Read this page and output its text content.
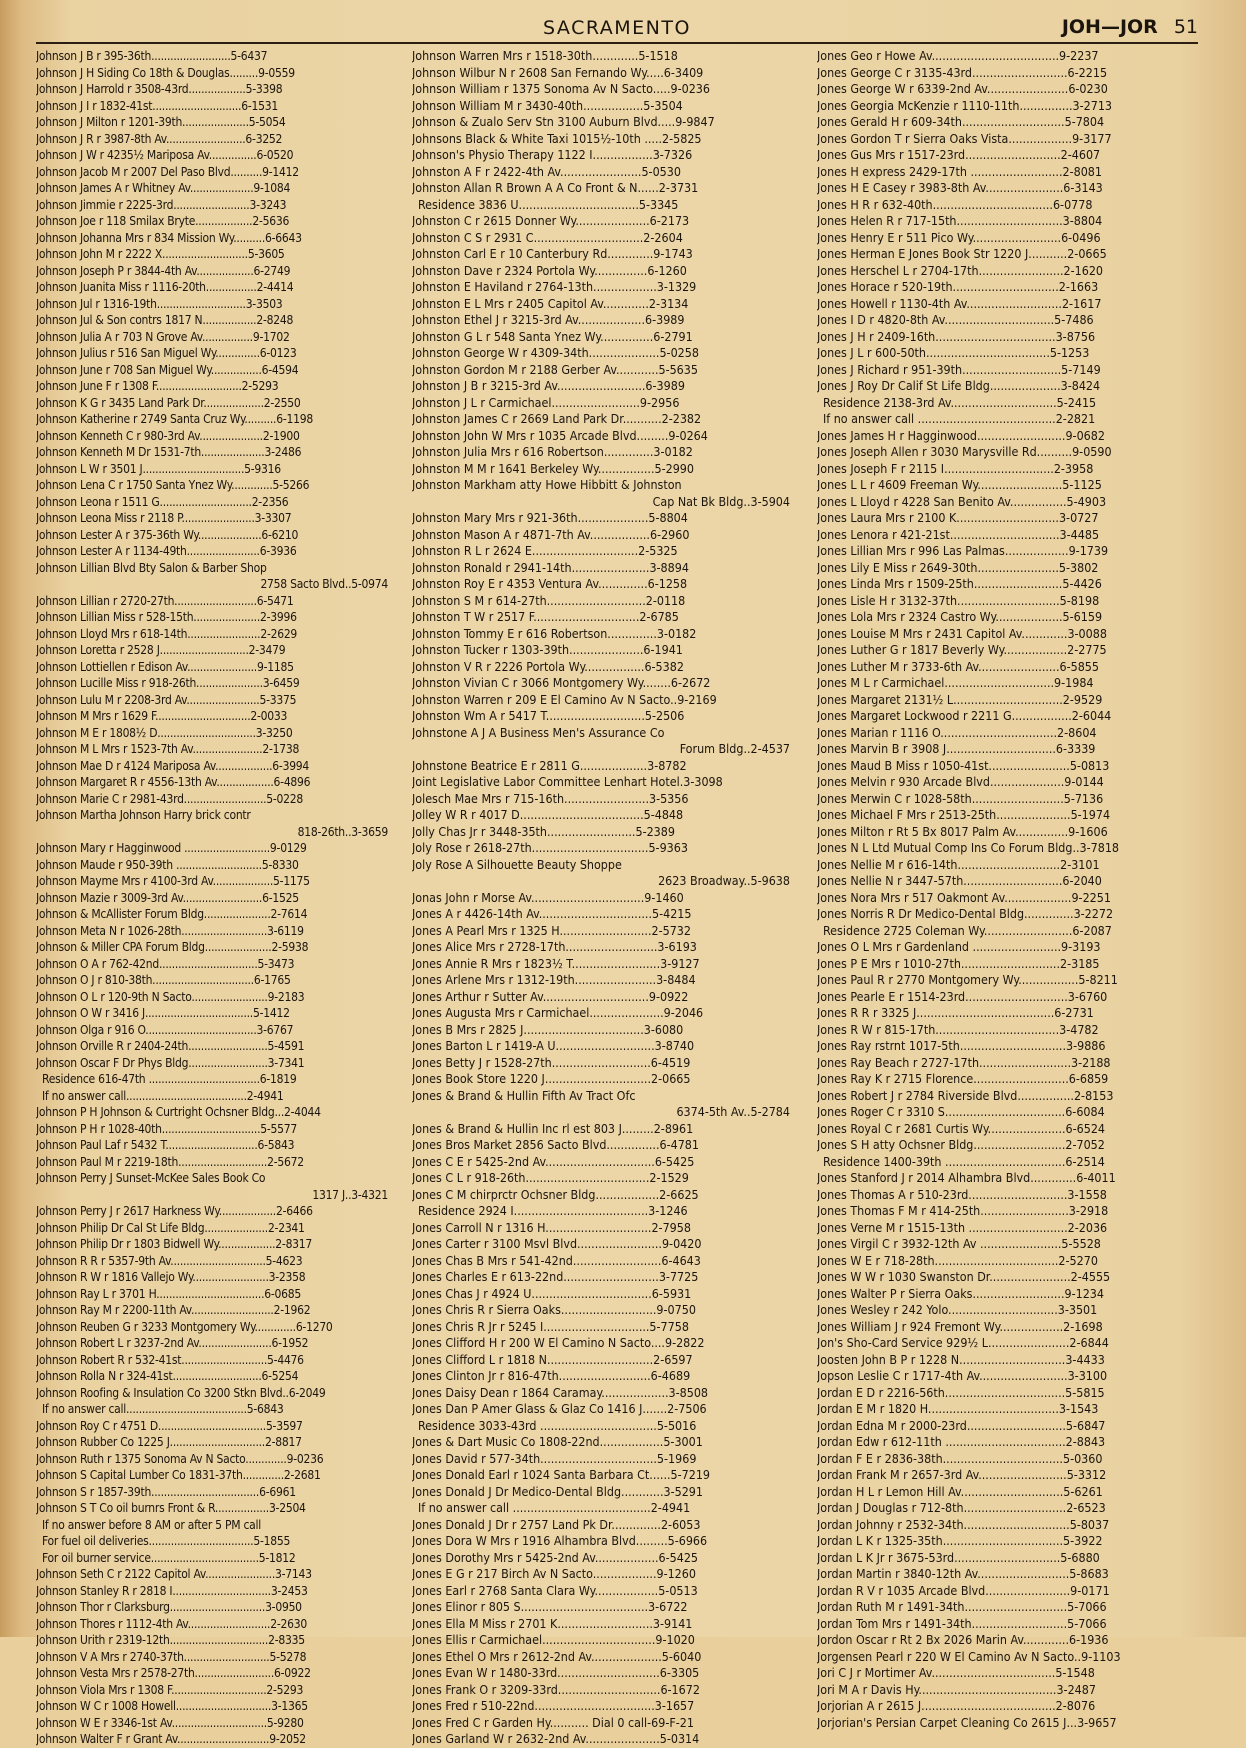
SACRAMENTO	JOH—JOR 51
Johnson J B r 395-36th.........................5-6437
Johnson J H Siding Co 18th & Douglas.........9-0559
Johnson J Harrold r 3508-43rd..................5-3398
Johnson J I r 1832-41st............................6-1531
Johnson J Milton r 1201-39th.....................5-5054
Johnson J R r 3987-8th Av.........................6-3252
Johnson J W r 4235½ Mariposa Av...............6-0520
Johnson Jacob M r 2007 Del Paso Blvd..........9-1412
Johnson James A r Whitney Av....................9-1084
Johnson Jimmie r 2225-3rd........................3-3243
Johnson Joe r 118 Smilax Bryte..................2-5636
Johnson Johanna Mrs r 834 Mission Wy..........6-6643
Johnson John M r 2222 X...........................5-3605
Johnson Joseph P r 3844-4th Av..................6-2749
Johnson Juanita Miss r 1116-20th................2-4414
Johnson Jul r 1316-19th............................3-3503
Johnson Jul & Son contrs 1817 N.................2-8248
Johnson Julia A r 703 N Grove Av................9-1702
Johnson Julius r 516 San Miguel Wy..............6-0123
Johnson June r 708 San Miguel Wy................6-4594
Johnson June F r 1308 F...........................2-5293
Johnson K G r 3435 Land Park Dr...................2-2550
Johnson Katherine r 2749 Santa Cruz Wy..........6-1198
Johnson Kenneth C r 980-3rd Av....................2-1900
Johnson Kenneth M Dr 1531-7th....................3-2486
Johnson L W r 3501 J................................5-9316
Johnson Lena C r 1750 Santa Ynez Wy.............5-5266
Johnson Leona r 1511 G.............................2-2356
Johnson Leona Miss r 2118 P.......................3-3307
Johnson Lester A r 375-36th Wy....................6-6210
Johnson Lester A r 1134-49th.......................6-3936
Johnson Lillian Blvd Bty Salon & Barber Shop
2758 Sacto Blvd..5-0974
Johnson Lillian r 2720-27th..........................6-5471
Johnson Lillian Miss r 528-15th.....................2-3996
Johnson Lloyd Mrs r 618-14th.......................2-2629
Johnson Loretta r 2528 J............................2-3479
Johnson Lottiellen r Edison Av......................9-1185
Johnson Lucille Miss r 918-26th.....................3-6459
Johnson Lulu M r 2208-3rd Av.......................5-3375
Johnson M Mrs r 1629 F..............................2-0033
Johnson M E r 1808½ D...............................3-3250
Johnson M L Mrs r 1523-7th Av......................2-1738
Johnson Mae D r 4124 Mariposa Av..................6-3994
Johnson Margaret R r 4556-13th Av..................6-4896
Johnson Marie C r 2981-43rd..........................5-0228
Johnson Martha Johnson Harry brick contr
818-26th..3-3659
Johnson Mary r Hagginwood ...........................9-0129
Johnson Maude r 950-39th ...........................5-8330
Johnson Mayme Mrs r 4100-3rd Av...................5-1175
Johnson Mazie r 3009-3rd Av.........................6-1525
Johnson & McAllister Forum Bldg.....................2-7614
Johnson Meta N r 1026-28th...........................3-6119
Johnson & Miller CPA Forum Bldg.....................2-5938
Johnson O A r 762-42nd...............................5-3473
Johnson O J r 810-38th................................6-1765
Johnson O L r 120-9th N Sacto........................9-2183
Johnson O W r 3416 J..................................5-1412
Johnson Olga r 916 O...................................3-6767
Johnson Orville R r 2404-24th.........................5-4591
Johnson Oscar F Dr Phys Bldg.........................3-7341
Residence 616-47th ...................................6-1819
If no answer call......................................2-4941
Johnson P H Johnson & Curtright Ochsner Bldg...2-4044
Johnson P H r 1028-40th...............................5-5577
Johnson Paul Laf r 5432 T.............................6-5843
Johnson Paul M r 2219-18th............................2-5672
Johnson Perry J Sunset-McKee Sales Book Co
1317 J..3-4321
Johnson Perry J r 2617 Harkness Wy..................2-6466
Johnson Philip Dr Cal St Life Bldg....................2-2341
Johnson Philip Dr r 1803 Bidwell Wy..................2-8317
Johnson R R r 5357-9th Av..............................5-4623
Johnson R W r 1816 Vallejo Wy........................3-2358
Johnson Ray L r 3701 H..................................6-0685
Johnson Ray M r 2200-11th Av..........................2-1962
Johnson Reuben G r 3233 Montgomery Wy.............6-1270
Johnson Robert L r 3237-2nd Av.......................6-1952
Johnson Robert R r 532-41st...........................5-4476
Johnson Rolla N r 324-41st............................6-5254
Johnson Roofing & Insulation Co 3200 Stkn Blvd..6-2049
If no answer call......................................5-6843
Johnson Roy C r 4751 D..................................5-3597
Johnson Rubber Co 1225 J..............................2-8817
Johnson Ruth r 1375 Sonoma Av N Sacto.............9-0236
Johnson S Capital Lumber Co 1831-37th.............2-2681
Johnson S r 1857-39th..................................6-6961
Johnson S T Co oil burnrs Front & R.................3-2504
If no answer before 8 AM or after 5 PM call
For fuel oil deliveries.................................5-1855
For oil burner service..................................5-1812
Johnson Seth C r 2122 Capitol Av......................3-7143
Johnson Stanley R r 2818 I...............................3-2453
Johnson Thor r Clarksburg..............................3-0950
Johnson Thores r 1112-4th Av..........................2-2630
Johnson Urith r 2319-12th...............................2-8335
Johnson V A Mrs r 2740-37th...........................5-5278
Johnson Vesta Mrs r 2578-27th.........................6-0922
Johnson Viola Mrs r 1308 F..............................2-5293
Johnson W C r 1008 Howell..............................3-1365
Johnson W E r 3346-1st Av..............................5-9280
Johnson Walter F r Grant Av.............................9-2052
Johnson Warren Mrs r 1518-30th.............5-1518
Johnson Wilbur N r 2608 San Fernando Wy.....6-3409
Johnson William r 1375 Sonoma Av N Sacto.....9-0236
Johnson William M r 3430-40th.................5-3504
Johnson & Zualo Serv Stn 3100 Auburn Blvd.....9-9847
Johnsons Black & White Taxi 1015½-10th .....2-5825
Johnson's Physio Therapy 1122 I.................3-7326
Johnston A F r 2422-4th Av.......................5-0530
Johnston Allan R Brown A A Co Front & N......2-3731
Residence 3836 U..................................5-3345
Johnston C r 2615 Donner Wy.....................6-2173
Johnston C S r 2931 C...............................2-2604
Johnston Carl E r 10 Canterbury Rd.............9-1743
Johnston Dave r 2324 Portola Wy...............6-1260
Johnston E Haviland r 2764-13th..................3-1329
Johnston E L Mrs r 2405 Capitol Av.............2-3134
Johnston Ethel J r 3215-3rd Av...................6-3989
Johnston G L r 548 Santa Ynez Wy...............6-2791
Johnston George W r 4309-34th....................5-0258
Johnston Gordon M r 2188 Gerber Av............5-5635
Johnston J B r 3215-3rd Av.........................6-3989
Johnston J L r Carmichael.........................9-2956
Johnston James C r 2669 Land Park Dr...........2-2382
Johnston John W Mrs r 1035 Arcade Blvd.........9-0264
Johnston Julia Mrs r 616 Robertson..............3-0182
Johnston M M r 1641 Berkeley Wy................5-2990
Johnston Markham atty Howe Hibbitt & Johnston
Cap Nat Bk Bldg..3-5904
Johnston Mary Mrs r 921-36th....................5-8804
Johnston Mason A r 4871-7th Av.................6-2960
Johnston R L r 2624 E..............................2-5325
Johnston Ronald r 2941-14th......................3-8894
Johnston Roy E r 4353 Ventura Av..............6-1258
Johnston S M r 614-27th............................2-0118
Johnston T W r 2517 F..............................2-6785
Johnston Tommy E r 616 Robertson..............3-0182
Johnston Tucker r 1303-39th.....................6-1941
Johnston V R r 2226 Portola Wy.................6-5382
Johnston Vivian C r 3066 Montgomery Wy........6-2672
Johnston Warren r 209 E El Camino Av N Sacto..9-2169
Johnston Wm A r 5417 T............................5-2506
Johnstone A J A Business Men's Assurance Co
Forum Bldg..2-4537
Johnstone Beatrice E r 2811 G...................3-8782
Joint Legislative Labor Committee Lenhart Hotel.3-3098
Jolesch Mae Mrs r 715-16th........................3-5356
Jolley W R r 4017 D...................................5-4848
Jolly Chas Jr r 3448-35th.........................5-2389
Joly Rose r 2618-27th.................................5-9363
Joly Rose A Silhouette Beauty Shoppe
2623 Broadway..5-9638
Jonas John r Morse Av................................9-1460
Jones A r 4426-14th Av................................5-4215
Jones A Pearl Mrs r 1325 H..........................2-5732
Jones Alice Mrs r 2728-17th..........................3-6193
Jones Annie R Mrs r 1823½ T.........................3-9127
Jones Arlene Mrs r 1312-19th.......................3-8484
Jones Arthur r Sutter Av..............................9-0922
Jones Augusta Mrs r Carmichael.....................9-2046
Jones B Mrs r 2825 J..................................3-6080
Jones Barton L r 1419-A U............................3-8740
Jones Betty J r 1528-27th............................6-4519
Jones Book Store 1220 J..............................2-0665
Jones & Brand & Hullin Fifth Av Tract Ofc
6374-5th Av..5-2784
Jones & Brand & Hullin Inc rl est 803 J.........2-8961
Jones Bros Market 2856 Sacto Blvd...............6-4781
Jones C E r 5425-2nd Av...............................6-5425
Jones C L r 918-26th...................................2-1529
Jones C M chirprctr Ochsner Bldg..................2-6625
Residence 2924 I......................................3-1246
Jones Carroll N r 1316 H..............................2-7958
Jones Carter r 3100 Msvl Blvd........................9-0420
Jones Chas B Mrs r 541-42nd.........................6-4643
Jones Charles E r 613-22nd...........................3-7725
Jones Chas J r 4924 U..................................6-5931
Jones Chris R r Sierra Oaks...........................9-0750
Jones Chris R Jr r 5245 I..............................5-7758
Jones Clifford H r 200 W El Camino N Sacto....9-2822
Jones Clifford L r 1818 N..............................2-6597
Jones Clinton Jr r 816-47th..........................6-4689
Jones Daisy Dean r 1864 Caramay...................3-8508
Jones Dan P Amer Glass & Glaz Co 1416 J.......2-7506
Residence 3033-43rd .................................5-5016
Jones & Dart Music Co 1808-22nd..................5-3001
Jones David r 577-34th.................................5-1969
Jones Donald Earl r 1024 Santa Barbara Ct......5-7219
Jones Donald J Dr Medico-Dental Bldg............3-5291
If no answer call .......................................2-4941
Jones Donald J Dr r 2757 Land Pk Dr..............2-6053
Jones Dora W Mrs r 1916 Alhambra Blvd.........5-6966
Jones Dorothy Mrs r 5425-2nd Av..................6-5425
Jones E G r 217 Birch Av N Sacto..................9-1260
Jones Earl r 2768 Santa Clara Wy..................5-0513
Jones Elinor r 805 S....................................3-6722
Jones Ella M Miss r 2701 K...........................3-9141
Jones Ellis r Carmichael................................9-1020
Jones Ethel O Mrs r 2612-2nd Av....................5-6040
Jones Evan W r 1480-33rd.............................6-3305
Jones Frank O r 3209-33rd.............................6-1672
Jones Fred r 510-22nd..................................3-1657
Jones Fred C r Garden Hy........... Dial 0 call-69-F-21
Jones Garland W r 2632-2nd Av.....................5-0314
Jones Geo r Howe Av....................................9-2237
Jones George C r 3135-43rd...........................6-2215
Jones George W r 6339-2nd Av.......................6-0230
Jones Georgia McKenzie r 1110-11th...............3-2713
Jones Gerald H r 609-34th.............................5-7804
Jones Gordon T r Sierra Oaks Vista..................9-3177
Jones Gus Mrs r 1517-23rd...........................2-4607
Jones H express 2429-17th ..........................2-8081
Jones H E Casey r 3983-8th Av......................6-3143
Jones H R r 632-40th..................................6-0778
Jones Helen R r 717-15th..............................3-8804
Jones Henry E r 511 Pico Wy.........................6-0496
Jones Herman E Jones Book Str 1220 J...........2-0665
Jones Herschel L r 2704-17th........................2-1620
Jones Horace r 520-19th..............................2-1663
Jones Howell r 1130-4th Av...........................2-1617
Jones I D r 4820-8th Av...............................5-7486
Jones J H r 2409-16th..................................3-8756
Jones J L r 600-50th...................................5-1253
Jones J Richard r 951-39th............................5-7149
Jones J Roy Dr Calif St Life Bldg....................3-8424
Residence 2138-3rd Av..............................5-2415
If no answer call .......................................2-2821
Jones James H r Hagginwood.........................9-0682
Jones Joseph Allen r 3030 Marysville Rd..........9-0590
Jones Joseph F r 2115 I...............................2-3958
Jones L L r 4609 Freeman Wy........................5-1125
Jones L Lloyd r 4228 San Benito Av................5-4903
Jones Laura Mrs r 2100 K.............................3-0727
Jones Lenora r 421-21st...............................3-4485
Jones Lillian Mrs r 996 Las Palmas..................9-1739
Jones Lily E Miss r 2649-30th.......................5-3802
Jones Linda Mrs r 1509-25th.........................5-4426
Jones Lisle H r 3132-37th.............................5-8198
Jones Lola Mrs r 2324 Castro Wy...................5-6159
Jones Louise M Mrs r 2431 Capitol Av.............3-0088
Jones Luther G r 1817 Beverly Wy..................2-2775
Jones Luther M r 3733-6th Av.......................6-5855
Jones M L r Carmichael...............................9-1984
Jones Margaret 2131½ L...............................2-9529
Jones Margaret Lockwood r 2211 G.................2-6044
Jones Marian r 1116 O.................................2-8604
Jones Marvin B r 3908 J...............................6-3339
Jones Maud B Miss r 1050-41st.......................5-0813
Jones Melvin r 930 Arcade Blvd.....................9-0144
Jones Merwin C r 1028-58th..........................5-7136
Jones Michael F Mrs r 2513-25th.....................5-1974
Jones Milton r Rt 5 Bx 8017 Palm Av...............9-1606
Jones N L Ltd Mutual Comp Ins Co Forum Bldg..3-7818
Jones Nellie M r 616-14th.............................2-3101
Jones Nellie N r 3447-57th............................6-2040
Jones Nora Mrs r 517 Oakmont Av...................9-2251
Jones Norris R Dr Medico-Dental Bldg..............3-2272
Residence 2725 Coleman Wy.........................6-2087
Jones O L Mrs r Gardenland .........................9-3193
Jones P E Mrs r 1010-27th............................2-3185
Jones Paul R r 2770 Montgomery Wy.................5-8211
Jones Pearle E r 1514-23rd.............................3-6760
Jones R R r 3325 J.......................................6-2731
Jones R W r 815-17th...................................3-4782
Jones Ray rstrnt 1017-5th..............................3-9886
Jones Ray Beach r 2727-17th..........................3-2188
Jones Ray K r 2715 Florence...........................6-6859
Jones Robert J r 2784 Riverside Blvd................2-8153
Jones Roger C r 3310 S..................................6-6084
Jones Royal C r 2681 Curtis Wy......................6-6524
Jones S H atty Ochsner Bldg..........................2-7052
Residence 1400-39th ..................................6-2514
Jones Stanford J r 2014 Alhambra Blvd.............6-4011
Jones Thomas A r 510-23rd............................3-1558
Jones Thomas F M r 414-25th.........................3-2918
Jones Verne M r 1515-13th ............................2-2036
Jones Virgil C r 3932-12th Av .......................5-5528
Jones W E r 718-28th...................................2-5270
Jones W W r 1030 Swanston Dr.......................2-4555
Jones Walter P r Sierra Oaks..........................9-1234
Jones Wesley r 242 Yolo...............................3-3501
Jones William J r 924 Fremont Wy..................2-1698
Jon's Sho-Card Service 929½ L.......................2-6844
Joosten John B P r 1228 N..............................3-4433
Jopson Leslie C r 1717-4th Av.........................3-3100
Jordan E D r 2216-56th..................................5-5815
Jordan E M r 1820 H.....................................3-1543
Jordan Edna M r 2000-23rd............................5-6847
Jordan Edw r 612-11th ..................................2-8843
Jordan F E r 2836-38th..................................5-0360
Jordan Frank M r 2657-3rd Av.........................5-3312
Jordan H L r Lemon Hill Av.............................5-6261
Jordan J Douglas r 712-8th.............................2-6523
Jordan Johnny r 2532-34th..............................5-8037
Jordan L K r 1325-35th..................................5-3922
Jordan L K Jr r 3675-53rd..............................5-6880
Jordan Martin r 3840-12th Av..........................5-8683
Jordan R V r 1035 Arcade Blvd........................9-0171
Jordan Ruth M r 1491-34th.............................5-7066
Jordan Tom Mrs r 1491-34th...........................5-7066
Jordon Oscar r Rt 2 Bx 2026 Marin Av.............6-1936
Jorgensen Pearl r 220 W El Camino Av N Sacto..9-1103
Jori C J r Mortimer Av...................................5-1548
Jori M A r Davis Hy.......................................3-2487
Jorjorian A r 2615 J......................................2-8076
Jorjorian's Persian Carpet Cleaning Co 2615 J...3-9657
